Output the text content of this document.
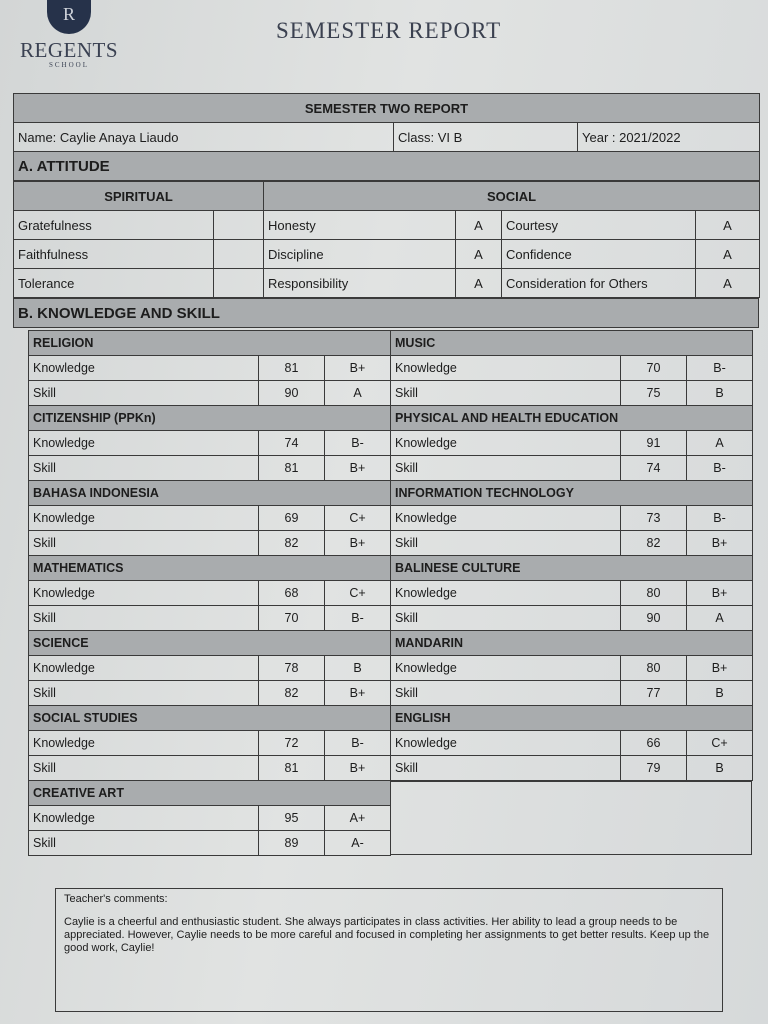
R
REGENTS
SCHOOL
SEMESTER REPORT
SEMESTER TWO REPORT
Name: Caylie Anaya Liaudo	Class: VI B	Year : 2021/2022
A. ATTITUDE
SPIRITUAL		SOCIAL			
Gratefulness		Honesty	A	Courtesy	A
Faithfulness		Discipline	A	Confidence	A
Tolerance		Responsibility	A	Consideration for Others	A
B. KNOWLEDGE AND SKILL
RELIGION		
Knowledge	81	B+
Skill	90	A
CITIZENSHIP (PPKn)		
Knowledge	74	B-
Skill	81	B+
BAHASA INDONESIA		
Knowledge	69	C+
Skill	82	B+
MATHEMATICS		
Knowledge	68	C+
Skill	70	B-
SCIENCE		
Knowledge	78	B
Skill	82	B+
SOCIAL STUDIES		
Knowledge	72	B-
Skill	81	B+
CREATIVE ART		
Knowledge	95	A+
Skill	89	A-
MUSIC		
Knowledge	70	B-
Skill	75	B
PHYSICAL AND HEALTH EDUCATION		
Knowledge	91	A
Skill	74	B-
INFORMATION TECHNOLOGY		
Knowledge	73	B-
Skill	82	B+
BALINESE CULTURE		
Knowledge	80	B+
Skill	90	A
MANDARIN		
Knowledge	80	B+
Skill	77	B
ENGLISH		
Knowledge	66	C+
Skill	79	B
Teacher's comments:
Caylie is a cheerful and enthusiastic student. She always participates in class activities. Her ability to lead a group needs to be appreciated. However, Caylie needs to be more careful and focused in completing her assignments to get better results. Keep up the good work, Caylie!
